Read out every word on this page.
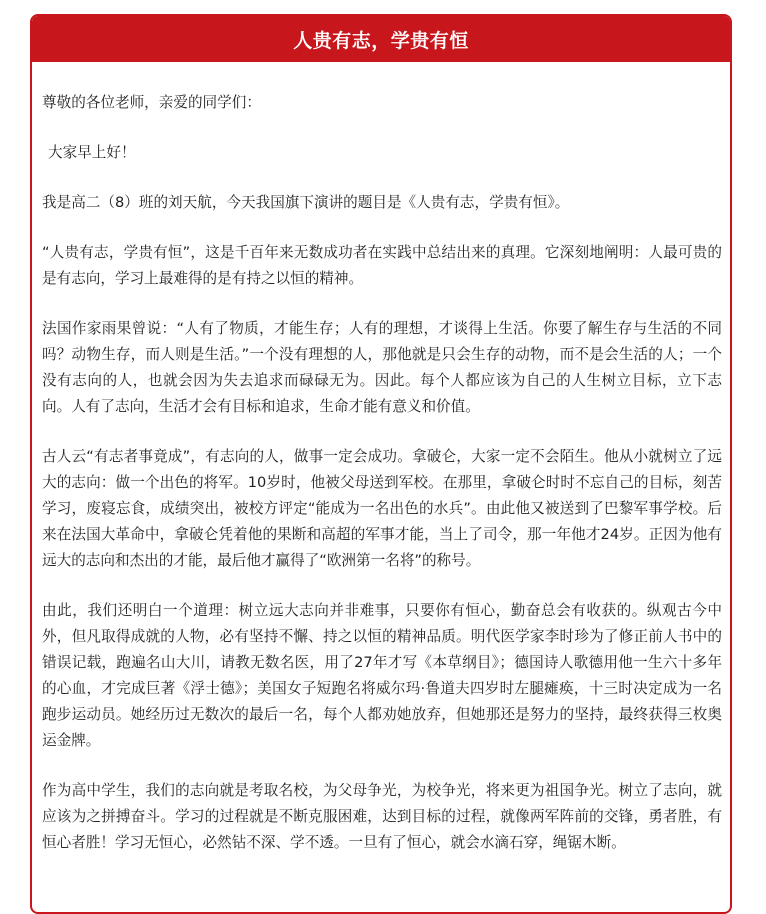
人贵有志，学贵有恒

尊敬的各位老师，亲爱的同学们：

大家早上好！

我是高二（8）班的刘天航，今天我国旗下演讲的题目是《人贵有志，学贵有恒》。

“人贵有志，学贵有恒”，这是千百年来无数成功者在实践中总结出来的真理。它深刻地阐明：人最可贵的是有志向，学习上最难得的是有持之以恒的精神。

法国作家雨果曾说：“人有了物质，才能生存；人有的理想，才谈得上生活。你要了解生存与生活的不同吗？动物生存，而人则是生活。”一个没有理想的人，那他就是只会生存的动物，而不是会生活的人；一个没有志向的人，也就会因为失去追求而碌碌无为。因此。每个人都应该为自己的人生树立目标，立下志向。人有了志向，生活才会有目标和追求，生命才能有意义和价值。

古人云“有志者事竟成”，有志向的人，做事一定会成功。拿破仑，大家一定不会陌生。他从小就树立了远大的志向：做一个出色的将军。10岁时，他被父母送到军校。在那里，拿破仑时时不忘自己的目标，刻苦学习，废寝忘食，成绩突出，被校方评定“能成为一名出色的水兵”。由此他又被送到了巴黎军事学校。后来在法国大革命中，拿破仑凭着他的果断和高超的军事才能，当上了司令，那一年他才24岁。正因为他有远大的志向和杰出的才能，最后他才赢得了“欧洲第一名将”的称号。

由此，我们还明白一个道理：树立远大志向并非难事，只要你有恒心，勤奋总会有收获的。纵观古今中外，但凡取得成就的人物，必有坚持不懈、持之以恒的精神品质。明代医学家李时珍为了修正前人书中的错误记载，跑遍名山大川，请教无数名医，用了27年才写《本草纲目》；德国诗人歌德用他一生六十多年的心血，才完成巨著《浮士德》；美国女子短跑名将威尔玛·鲁道夫四岁时左腿瘫痪，十三时决定成为一名跑步运动员。她经历过无数次的最后一名，每个人都劝她放弃，但她那还是努力的坚持，最终获得三枚奥运金牌。

作为高中学生，我们的志向就是考取名校，为父母争光，为校争光，将来更为祖国争光。树立了志向，就应该为之拼搏奋斗。学习的过程就是不断克服困难，达到目标的过程，就像两军阵前的交锋，勇者胜，有恒心者胜！学习无恒心，必然钻不深、学不透。一旦有了恒心，就会水滴石穿，绳锯木断。
